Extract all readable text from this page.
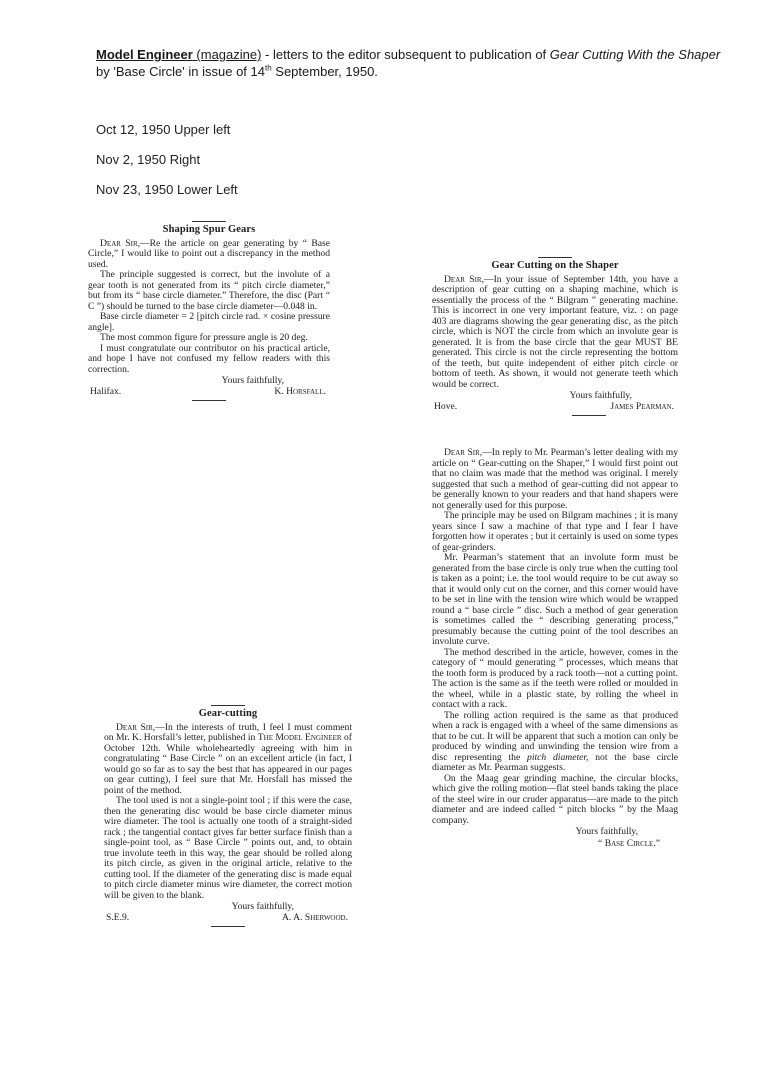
Model Engineer (magazine) - letters to the editor subsequent to publication of Gear Cutting With the Shaper
by 'Base Circle' in issue of 14th September, 1950.
Oct 12, 1950 Upper left
Nov 2, 1950 Right
Nov 23, 1950 Lower Left
Shaping Spur Gears

Dear Sir,—Re the article on gear generating by “ Base Circle,” I would like to point out a discrepancy in the method used.

The principle suggested is correct, but the involute of a gear tooth is not generated from its “ pitch circle diameter,” but from its “ base circle diameter.” Therefore, the disc (Part “ C ”) should be turned to the base circle diameter—0.048 in.

Base circle diameter = 2 [pitch circle rad. × cosine pressure angle].

The most common figure for pressure angle is 20 deg.

I must congratulate our contributor on his practical article, and hope I have not confused my fellow readers with this correction.

Yours faithfully,
Halifax.	K. Horsfall.
Gear Cutting on the Shaper

Dear Sir,—In your issue of September 14th, you have a description of gear cutting on a shaping machine, which is essentially the process of the “ Bilgram ” generating machine. This is incorrect in one very important feature, viz. : on page 403 are diagrams showing the gear generating disc, as the pitch circle, which is NOT the circle from which an involute gear is generated. It is from the base circle that the gear MUST BE generated. This circle is not the circle representing the bottom of the teeth, but quite independent of either pitch circle or bottom of teeth. As shown, it would not generate teeth which would be correct.

Yours faithfully,
Hove.	James Pearman.

Dear Sir,—In reply to Mr. Pearman’s letter dealing with my article on “ Gear-cutting on the Shaper,” I would first point out that no claim was made that the method was original. I merely suggested that such a method of gear-cutting did not appear to be generally known to your readers and that hand shapers were not generally used for this purpose.

The principle may be used on Bilgram machines ; it is many years since I saw a machine of that type and I fear I have forgotten how it operates ; but it certainly is used on some types of gear-grinders.

Mr. Pearman’s statement that an involute form must be generated from the base circle is only true when the cutting tool is taken as a point; i.e. the tool would require to be cut away so that it would only cut on the corner, and this corner would have to be set in line with the tension wire which would be wrapped round a “ base circle ” disc. Such a method of gear generation is sometimes called the “ describing generating process,” presumably because the cutting point of the tool describes an involute curve.

The method described in the article, however, comes in the category of “ mould generating ” processes, which means that the tooth form is produced by a rack tooth—not a cutting point. The action is the same as if the teeth were rolled or moulded in the wheel, while in a plastic state, by rolling the wheel in contact with a rack.

The rolling action required is the same as that produced when a rack is engaged with a wheel of the same dimensions as that to be cut. It will be apparent that such a motion can only be produced by winding and unwinding the tension wire from a disc representing the pitch diameter, not the base circle diameter as Mr. Pearman suggests.

On the Maag gear grinding machine, the circular blocks, which give the rolling motion—flat steel bands taking the place of the steel wire in our cruder apparatus—are made to the pitch diameter and are indeed called “ pitch blocks ” by the Maag company.

Yours faithfully,
“ Base Circle.”
Gear-cutting

Dear Sir,—In the interests of truth, I feel I must comment on Mr. K. Horsfall’s letter, published in The Model Engineer of October 12th. While wholeheartedly agreeing with him in congratulating “ Base Circle ” on an excellent article (in fact, I would go so far as to say the best that has appeared in our pages on gear cutting), I feel sure that Mr. Horsfall has missed the point of the method.

The tool used is not a single-point tool ; if this were the case, then the generating disc would be base circle diameter minus wire diameter. The tool is actually one tooth of a straight-sided rack ; the tangential contact gives far better surface finish than a single-point tool, as “ Base Circle ” points out, and, to obtain true involute teeth in this way, the gear should be rolled along its pitch circle, as given in the original article, relative to the cutting tool. If the diameter of the generating disc is made equal to pitch circle diameter minus wire diameter, the correct motion will be given to the blank.

Yours faithfully,
S.E.9.	A. A. Sherwood.
